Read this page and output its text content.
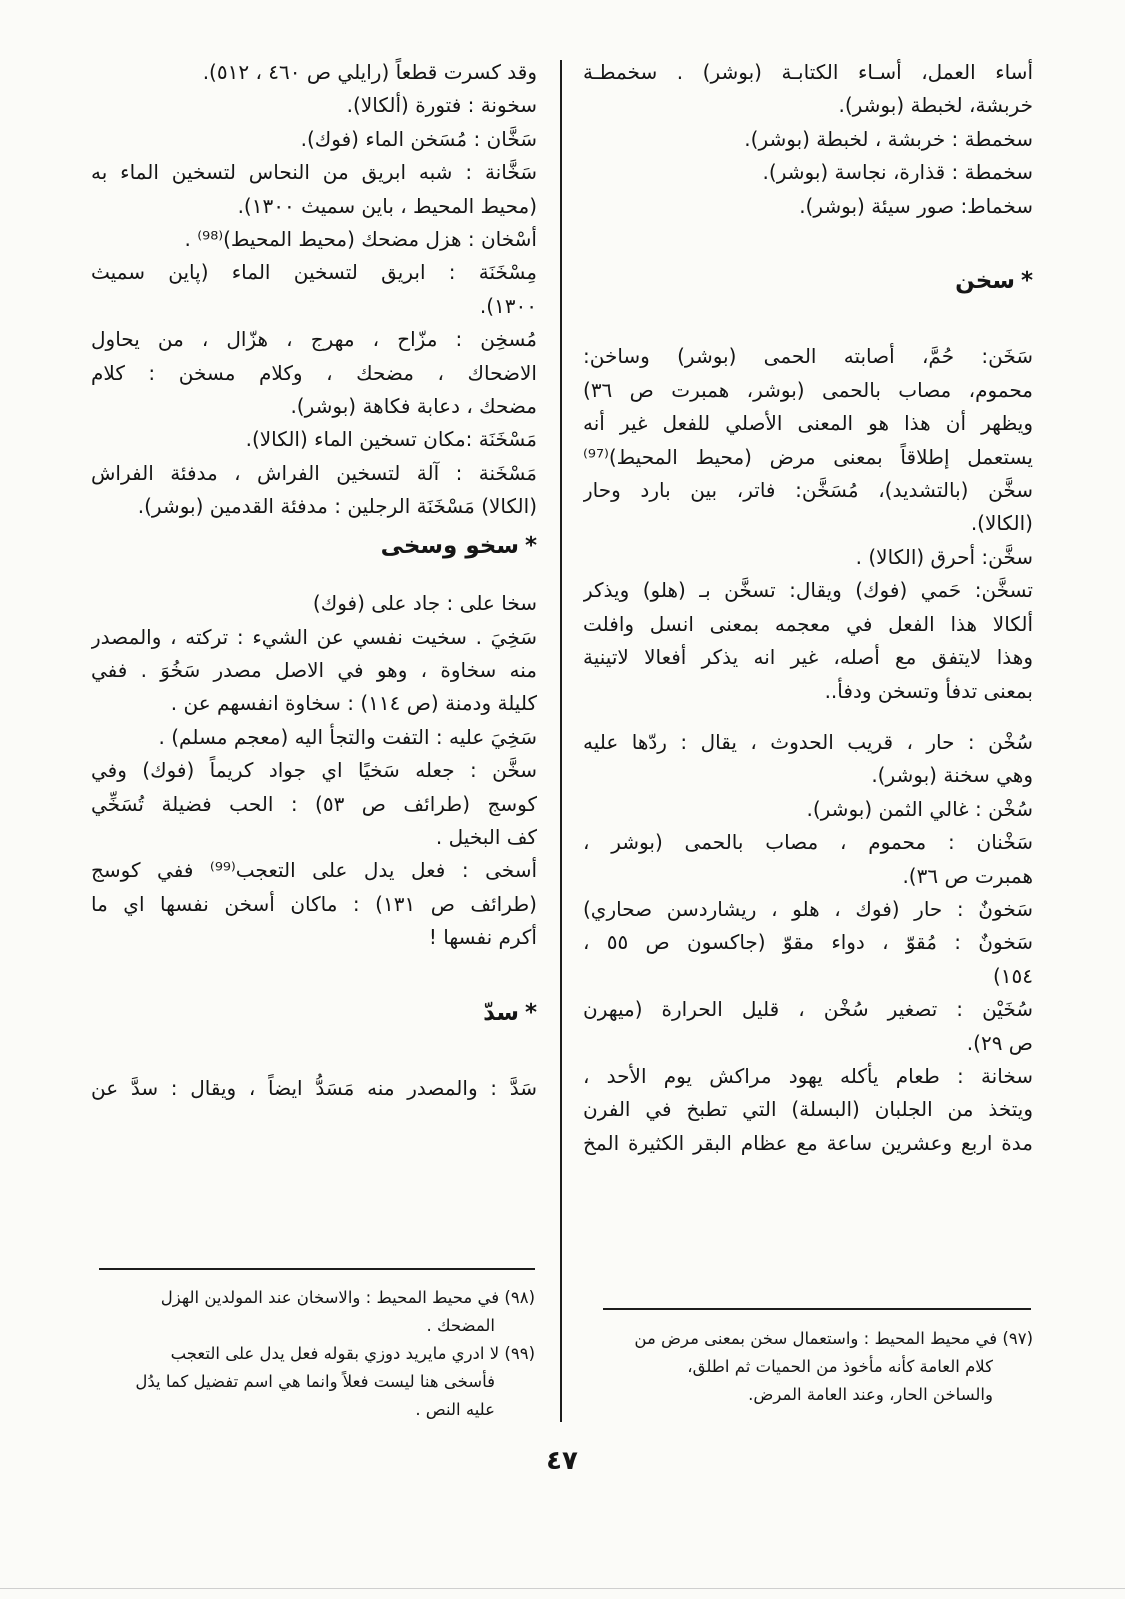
أساء العمل، أسـاء الكتابـة (بوشر) . سخمطـة
خربشة، لخبطة (بوشر).
سخمطة : خربشة ، لخبطة (بوشر).
سخمطة : قذارة، نجاسة (بوشر).
سخماط: صور سيئة (بوشر).
*سخن
سَخَن: حُمَّ، أصابته الحمى (بوشر) وساخن:
محموم، مصاب بالحمى (بوشر، همبرت ص ٣٦)
ويظهر أن هذا هو المعنى الأصلي للفعل غير أنه
يستعمل إطلاقاً بمعنى مرض (محيط المحيط)⁽⁹⁷⁾
سخَّن (بالتشديد)، مُسَخَّن: فاتر، بين بارد وحار
(الكالا).
سخَّن: أحرق (الكالا) .
تسخَّن: حَمي (فوك) ويقال: تسخَّن بـ (هلو) ويذكر
ألكالا هذا الفعل في معجمه بمعنى انسل وافلت
وهذا لايتفق مع أصله، غير انه يذكر أفعالا لاتينية
بمعنى تدفأ وتسخن ودفأ..
سُخْن : حار ، قريب الحدوث ، يقال : ردّها عليه
وهي سخنة (بوشر).
سُخْن : غالي الثمن (بوشر).
سَخْنان : محموم ، مصاب بالحمى (بوشر ،
همبرت ص ٣٦).
سَخونٌ : حار (فوك ، هلو ، ريشاردسن صحاري)
سَخونٌ : مُقوّ ، دواء مقوّ (جاكسون ص ٥٥ ،
١٥٤)
سُخَيْن : تصغير سُخْن ، قليل الحرارة (ميهرن
ص ٢٩).
سخانة : طعام يأكله يهود مراكش يوم الأحد ،
ويتخذ من الجلبان (البسلة) التي تطبخ في الفرن
مدة اربع وعشرين ساعة مع عظام البقر الكثيرة المخ
وقد كسرت قطعاً (رايلي ص ٤٦٠ ، ٥١٢).
سخونة : فتورة (ألكالا).
سَخَّان : مُسَخن الماء (فوك).
سَخَّانة : شبه ابريق من النحاس لتسخين الماء به
(محيط المحيط ، باين سميث ١٣٠٠).
أسْخان : هزل مضحك (محيط المحيط)⁽⁹⁸⁾ .
مِسْخَنَة : ابريق لتسخين الماء (پاين سميث
١٣٠٠).
مُسخِن : مزّاح ، مهرج ، هزّال ، من يحاول
الاضحاك ، مضحك ، وكلام مسخن : كلام
مضحك ، دعابة فكاهة (بوشر).
مَسْخَنَة :مكان تسخين الماء (الكالا).
مَسْخَنة : آلة لتسخين الفراش ، مدفئة الفراش
(الكالا) مَسْخَنَة الرجلين : مدفئة القدمين (بوشر).
*سخو وسخى
سخا على : جاد على (فوك)
سَخِيَ . سخيت نفسي عن الشيء : تركته ، والمصدر
منه سخاوة ، وهو في الاصل مصدر سَخُوَ . ففي
كليلة ودمنة (ص ١١٤) : سخاوة انفسهم عن .
سَخِيَ عليه : التفت والتجأ اليه (معجم مسلم) .
سخَّن : جعله سَخيًا اي جواد كريماً (فوك) وفي
كوسج (طرائف ص ٥٣) : الحب فضيلة تُسَخِّي
كف البخيل .
أسخى : فعل يدل على التعجب⁽⁹⁹⁾ ففي كوسج
(طرائف ص ١٣١) : ماكان أسخن نفسها اي ما
أكرم نفسها !
*سدّ
سَدَّ : والمصدر منه مَسَدُّ ايضاً ، ويقال : سدَّ عن
(٩٧) في محيط المحيط : واستعمال سخن بمعنى مرض من
كلام العامة كأنه مأخوذ من الحميات ثم اطلق،
والساخن الحار، وعند العامة المرض.
(٩٨) في محيط المحيط : والاسخان عند المولدين الهزل
المضحك .
(٩٩) لا ادري مايريد دوزي بقوله فعل يدل على التعجب
فأسخى هنا ليست فعلاً وانما هي اسم تفضيل كما يدُل
عليه النص .
٤٧
